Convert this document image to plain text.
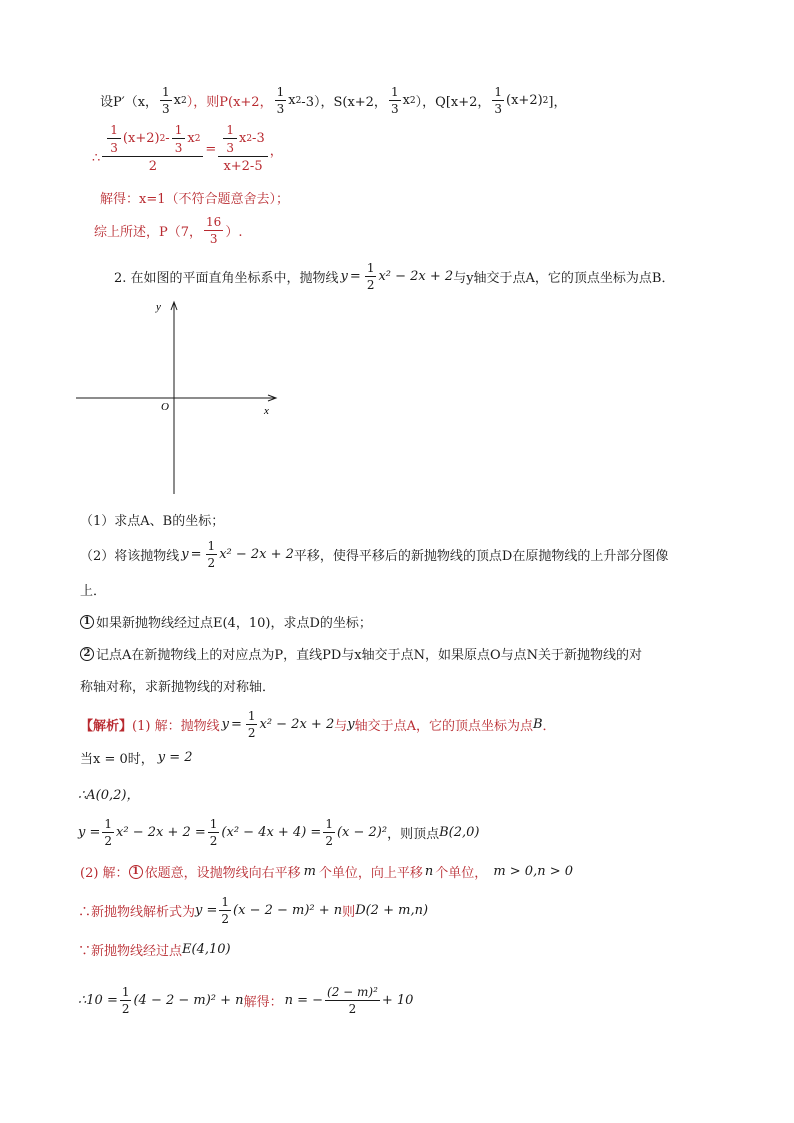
设P′（x， $\frac{1}{3}$ x 2 ），则P(x+2， $\frac{1}{3}$ x 2 -3），S(x+2， $\frac{1}{3}$ x 2 ），Q[x+2， $\frac{1}{3} (x+2)$ 2 ]，
∴ $\frac{\frac{1}{3} (x+2) 2 - \frac{1}{3} x 2}{2} = \frac{\frac{1}{3} x 2 -3}{x+2-5}$ ，
解得：x=1（不符合题意舍去）；
综上所述，P（7， $\frac{16}{3}$ ）.
2. 在如图的平面直角坐标系中，抛物线 $y = \frac{1}{2} x^2 - 2x + 2$ 与y轴交于点A，它的顶点坐标为点B．
y
x
O
（1）求点A、B的坐标；
（2）将该抛物线 $y = \frac{1}{2} x^2 - 2x + 2$ 平移，使得平移后的新抛物线的顶点D在原抛物线的上升部分图像
上．
1 如果新抛物线经过点E(4，10)，求点D的坐标；
2 记点A在新抛物线上的对应点为P，直线PD与x轴交于点N，如果原点O与点N关于新抛物线的对
称轴对称，求新抛物线的对称轴．
【解析】 (1) 解：抛物线 $y = \frac{1}{2} x^2 - 2x + 2$ 与 y 轴交于点A，它的顶点坐标为点 B ．
当x = 0时， y = 2
∴A(0,2)，
$y = \frac{1}{2} x^2 - 2x + 2 = \frac{1}{2} (x^2 - 4x + 4) = \frac{1}{2} (x - 2)^2$ ，则顶点 B(2,0)
(2) 解： 1 依题意，设抛物线向右平移 m 个单位，向上平移 n 个单位， m > 0,n > 0
∴新抛物线解析式为 $y = \frac{1}{2} (x - 2 - m)^2 + n$ 则 D(2 + m,n)
∵新抛物线经过点 E(4,10)
∴10 = $\frac{1}{2} (4 - 2 - m)^2 + n$ 解得： n = − $\frac{\text{(2 − m)²}}{2} + 10$
